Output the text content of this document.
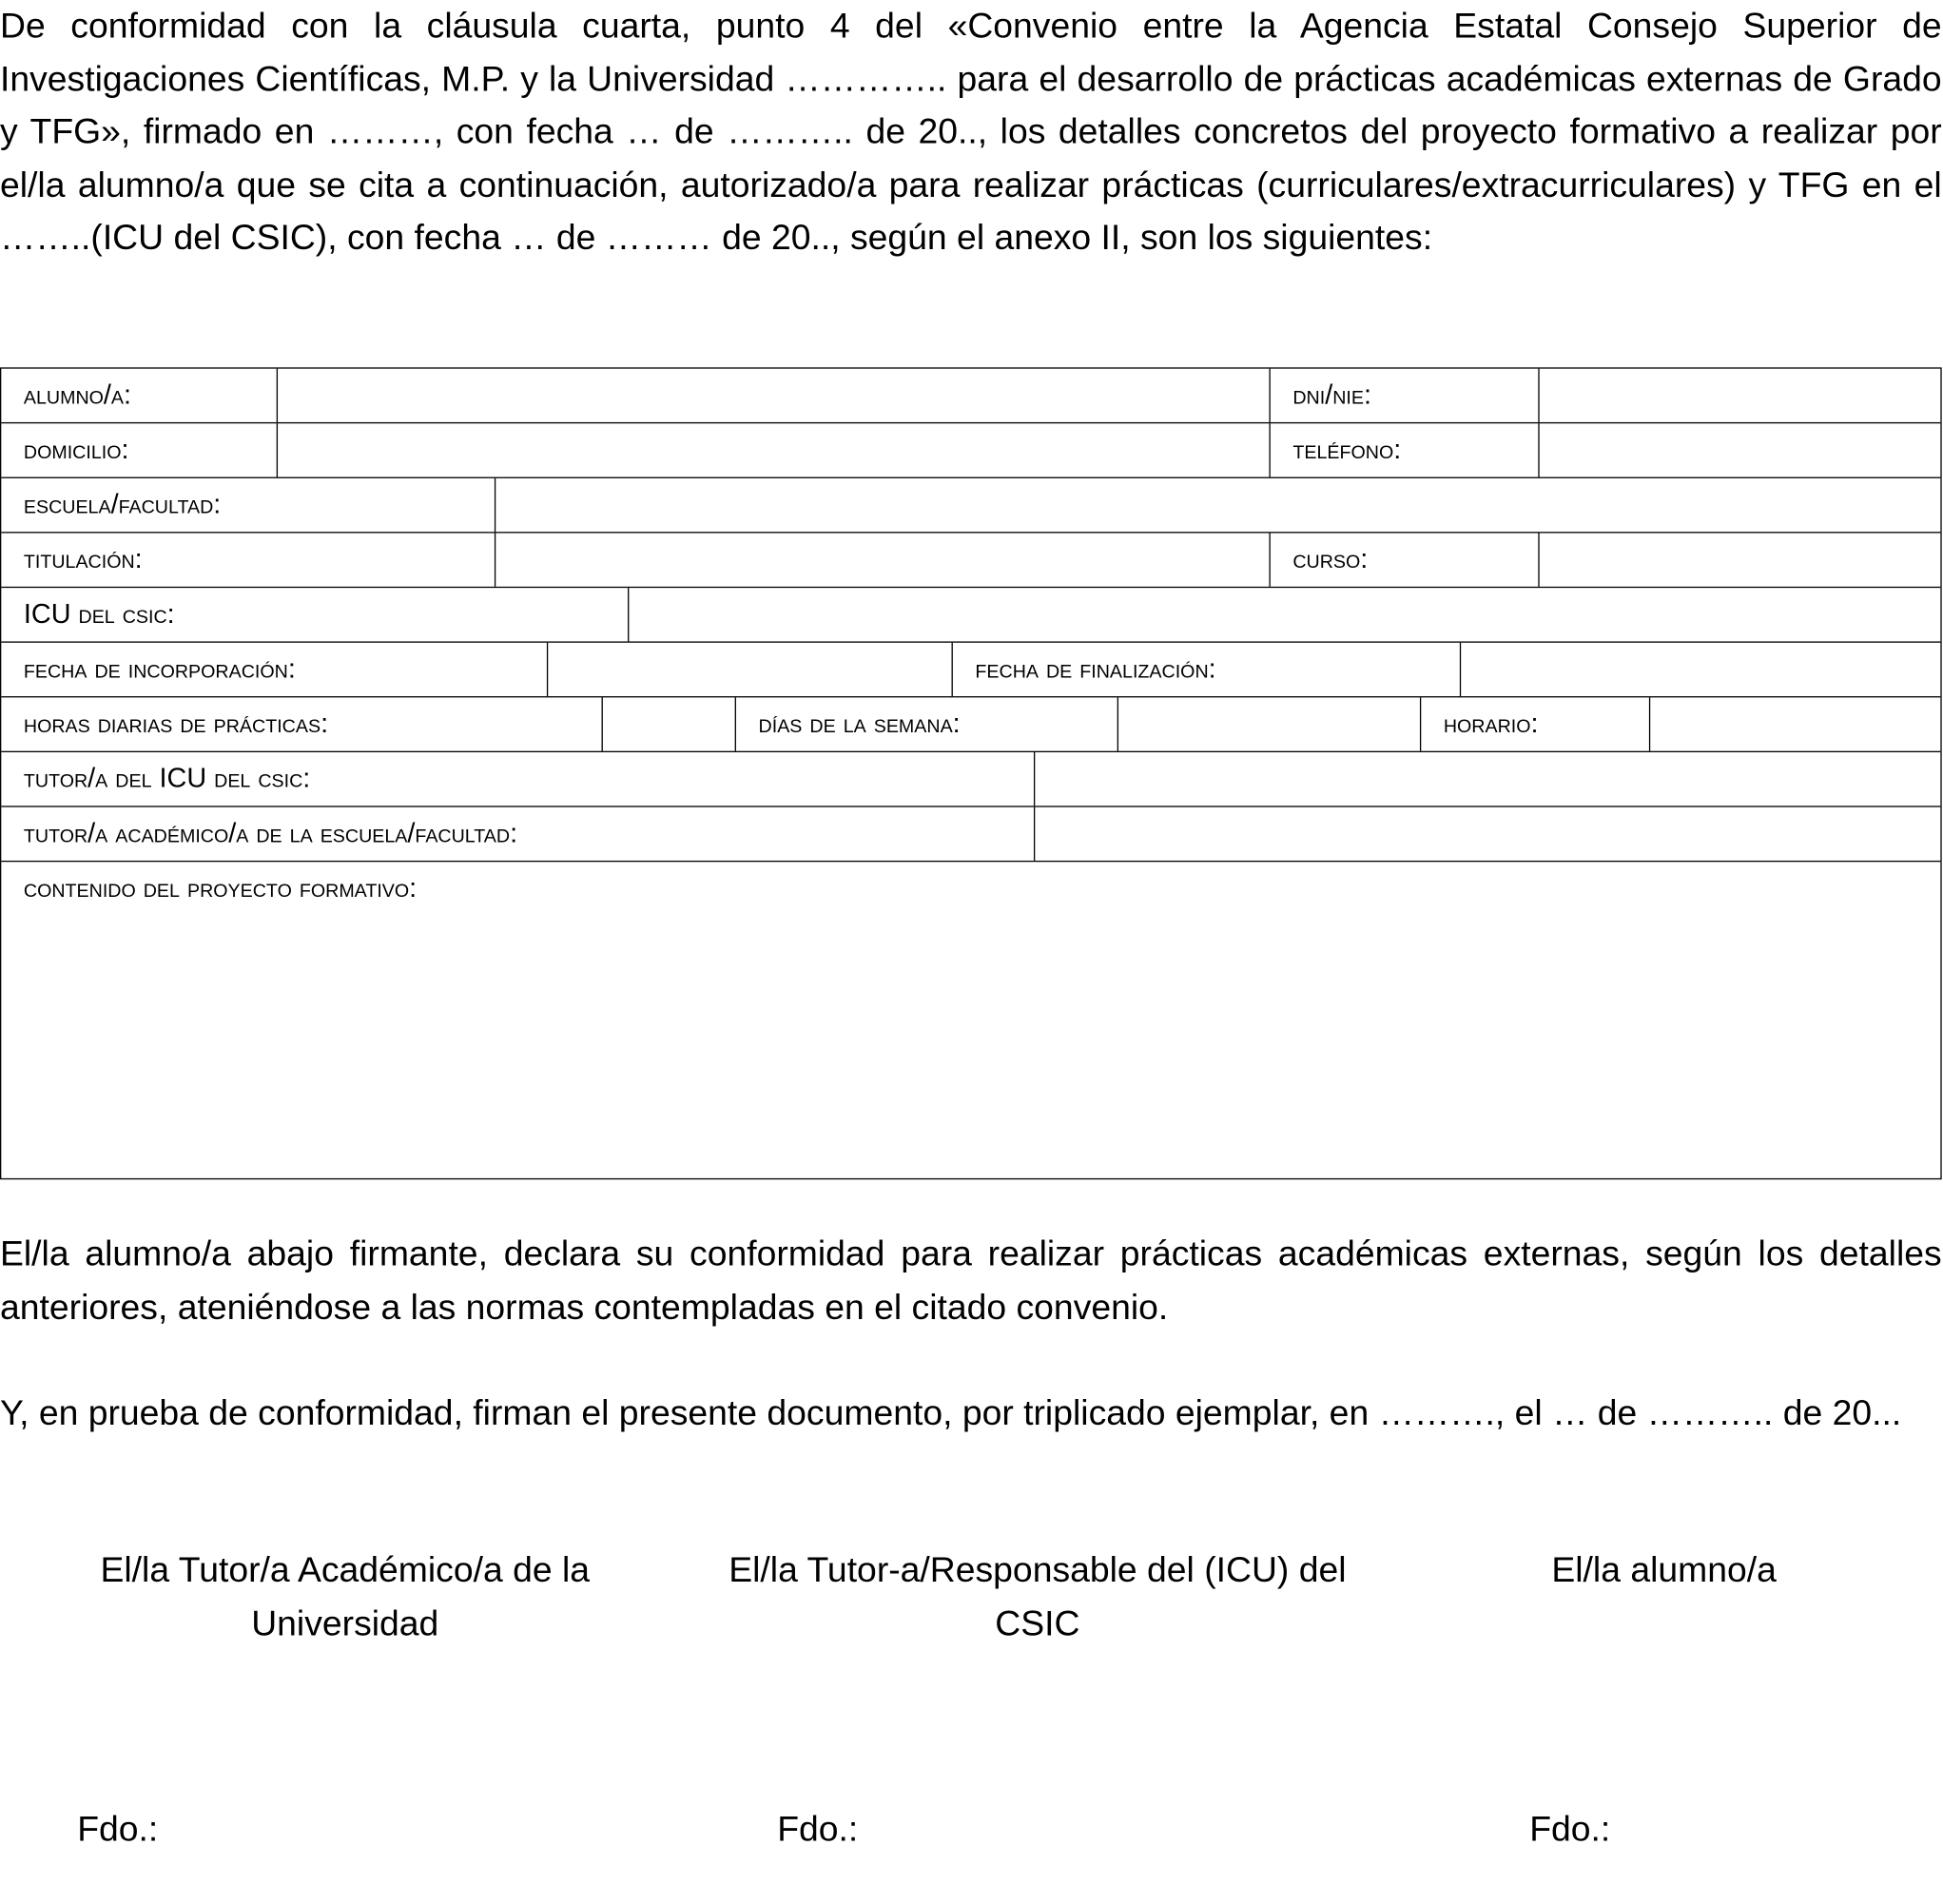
De conformidad con la cláusula cuarta, punto 4 del «Convenio entre la Agencia Estatal Consejo Superior de Investigaciones Científicas, M.P. y la Universidad ………….. para el desarrollo de prácticas académicas externas de Grado y TFG», firmado en ………, con fecha … de ……….. de 20.., los detalles concretos del proyecto formativo a realizar por el/la alumno/a que se cita a continuación, autorizado/a para realizar prácticas (curriculares/extracurriculares) y TFG en el ……..(ICU del CSIC), con fecha … de ……… de 20.., según el anexo II, son los siguientes:

alumno/a:	dni/nie:
domicilio:	teléfono:
escuela/facultad:
titulación:	curso:
ICU del csic:
fecha de incorporación:	fecha de finalización:
horas diarias de prácticas:	días de la semana:	horario:
tutor/a del ICU del csic:
tutor/a académico/a de la escuela/facultad:
contenido del proyecto formativo:

El/la alumno/a abajo firmante, declara su conformidad para realizar prácticas académicas externas, según los detalles anteriores, ateniéndose a las normas contempladas en el citado convenio.

Y, en prueba de conformidad, firman el presente documento, por triplicado ejemplar, en ………., el … de ……….. de 20...

El/la Tutor/a Académico/a de la Universidad
El/la Tutor-a/Responsable del (ICU) del CSIC
El/la alumno/a
Fdo.:	Fdo.:	Fdo.:
